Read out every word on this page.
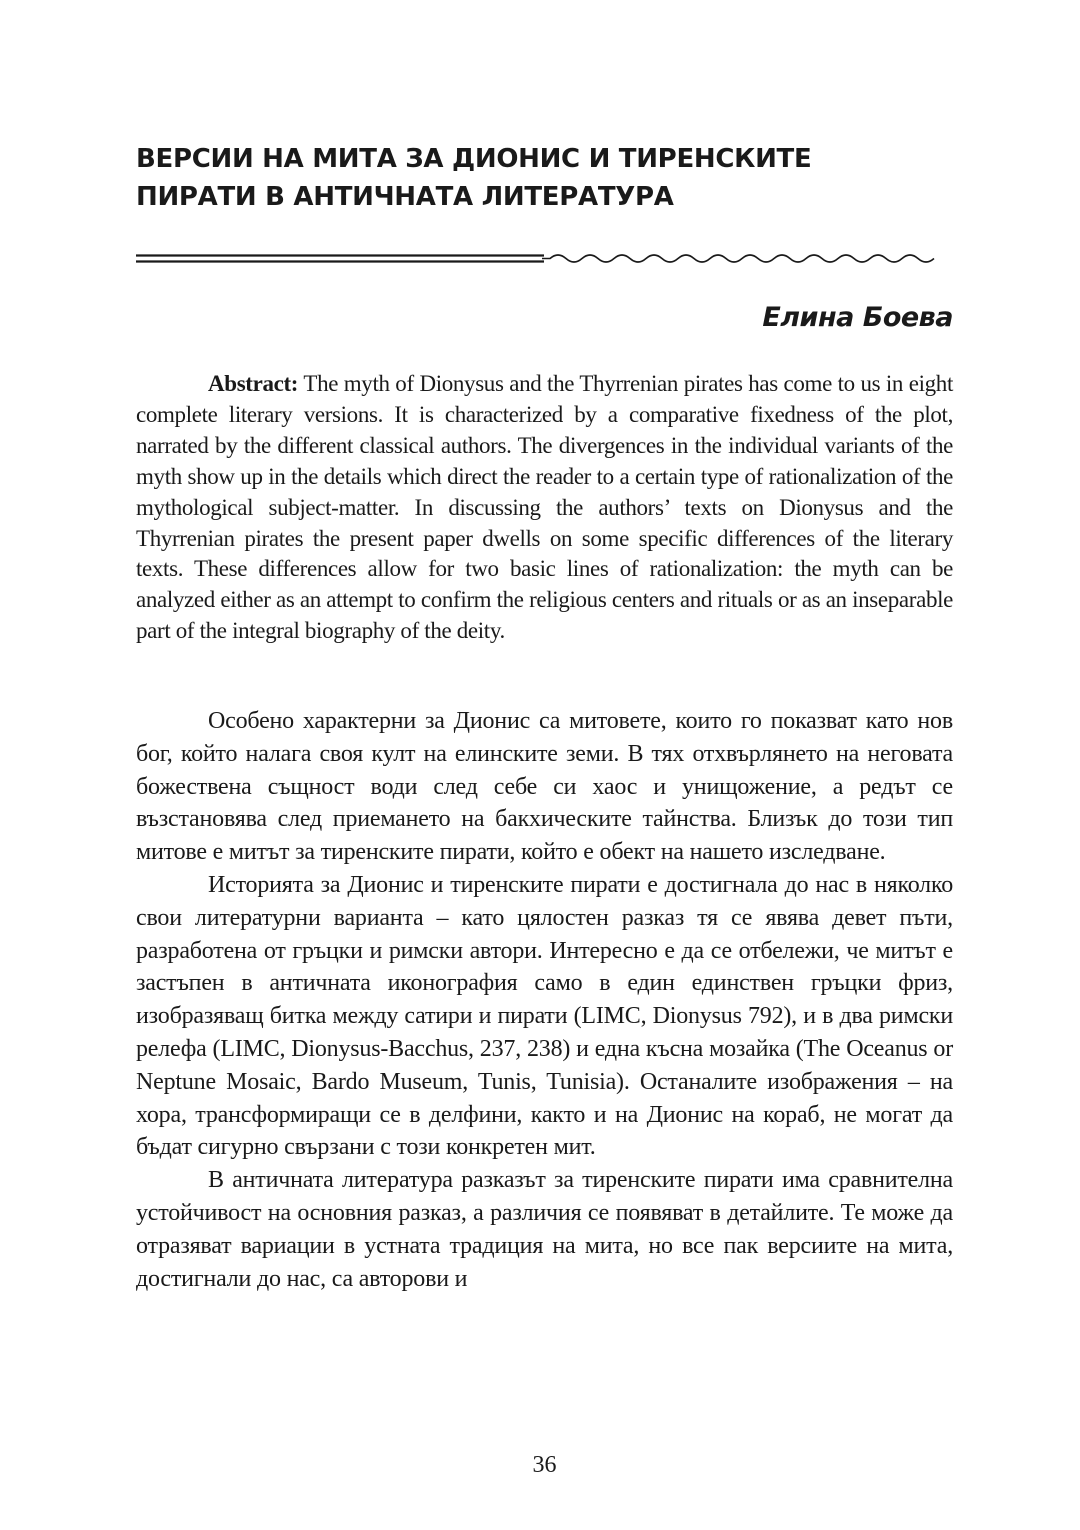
ВЕРСИИ НА МИТА ЗА ДИОНИС И ТИРЕНСКИТЕ
ПИРАТИ В АНТИЧНАТА ЛИТЕРАТУРА

Елина Боева

Abstract: The myth of Dionysus and the Thyrrenian pirates has come to us in eight complete literary versions. It is characterized by a comparative fixedness of the plot, narrated by the different classical authors. The divergences in the individual variants of the myth show up in the details which direct the reader to a certain type of rationalization of the mythological subject-matter. In discussing the authors’ texts on Dionysus and the Thyrrenian pirates the present paper dwells on some specific differences of the literary texts. These differences allow for two basic lines of rationalization: the myth can be analyzed either as an attempt to confirm the religious centers and rituals or as an inseparable part of the integral biography of the deity.

Особено характерни за Дионис са митовете, които го показват като нов бог, който налага своя култ на елинските земи. В тях отхвърлянето на неговата божествена същност води след себе си хаос и унищожение, а редът се възстановява след приемането на бакхическите тайнства. Близък до този тип митове е митът за тиренските пирати, който е обект на нашето изследване.

Историята за Дионис и тиренските пирати е достигнала до нас в няколко свои литературни варианта – като цялостен разказ тя се явява девет пъти, разработена от гръцки и римски автори. Интересно е да се отбележи, че митът е застъпен в античната иконография само в един единствен гръцки фриз, изобразяващ битка между сатири и пирати (LIMC, Dionysus 792), и в два римски релефа (LIMC, Dionysus-Bacchus, 237, 238) и една късна мозайка (The Oceanus or Neptune Mosaic, Bardo Museum, Tunis, Tunisia). Останалите изображения – на хора, трансформиращи се в делфини, както и на Дионис на кораб, не могат да бъдат сигурно свързани с този конкретен мит.

В античната литература разказът за тиренските пирати има сравнителна устойчивост на основния разказ, а различия се появяват в детайлите. Те може да отразяват вариации в устната традиция на мита, но все пак версиите на мита, достигнали до нас, са авторови и

36
